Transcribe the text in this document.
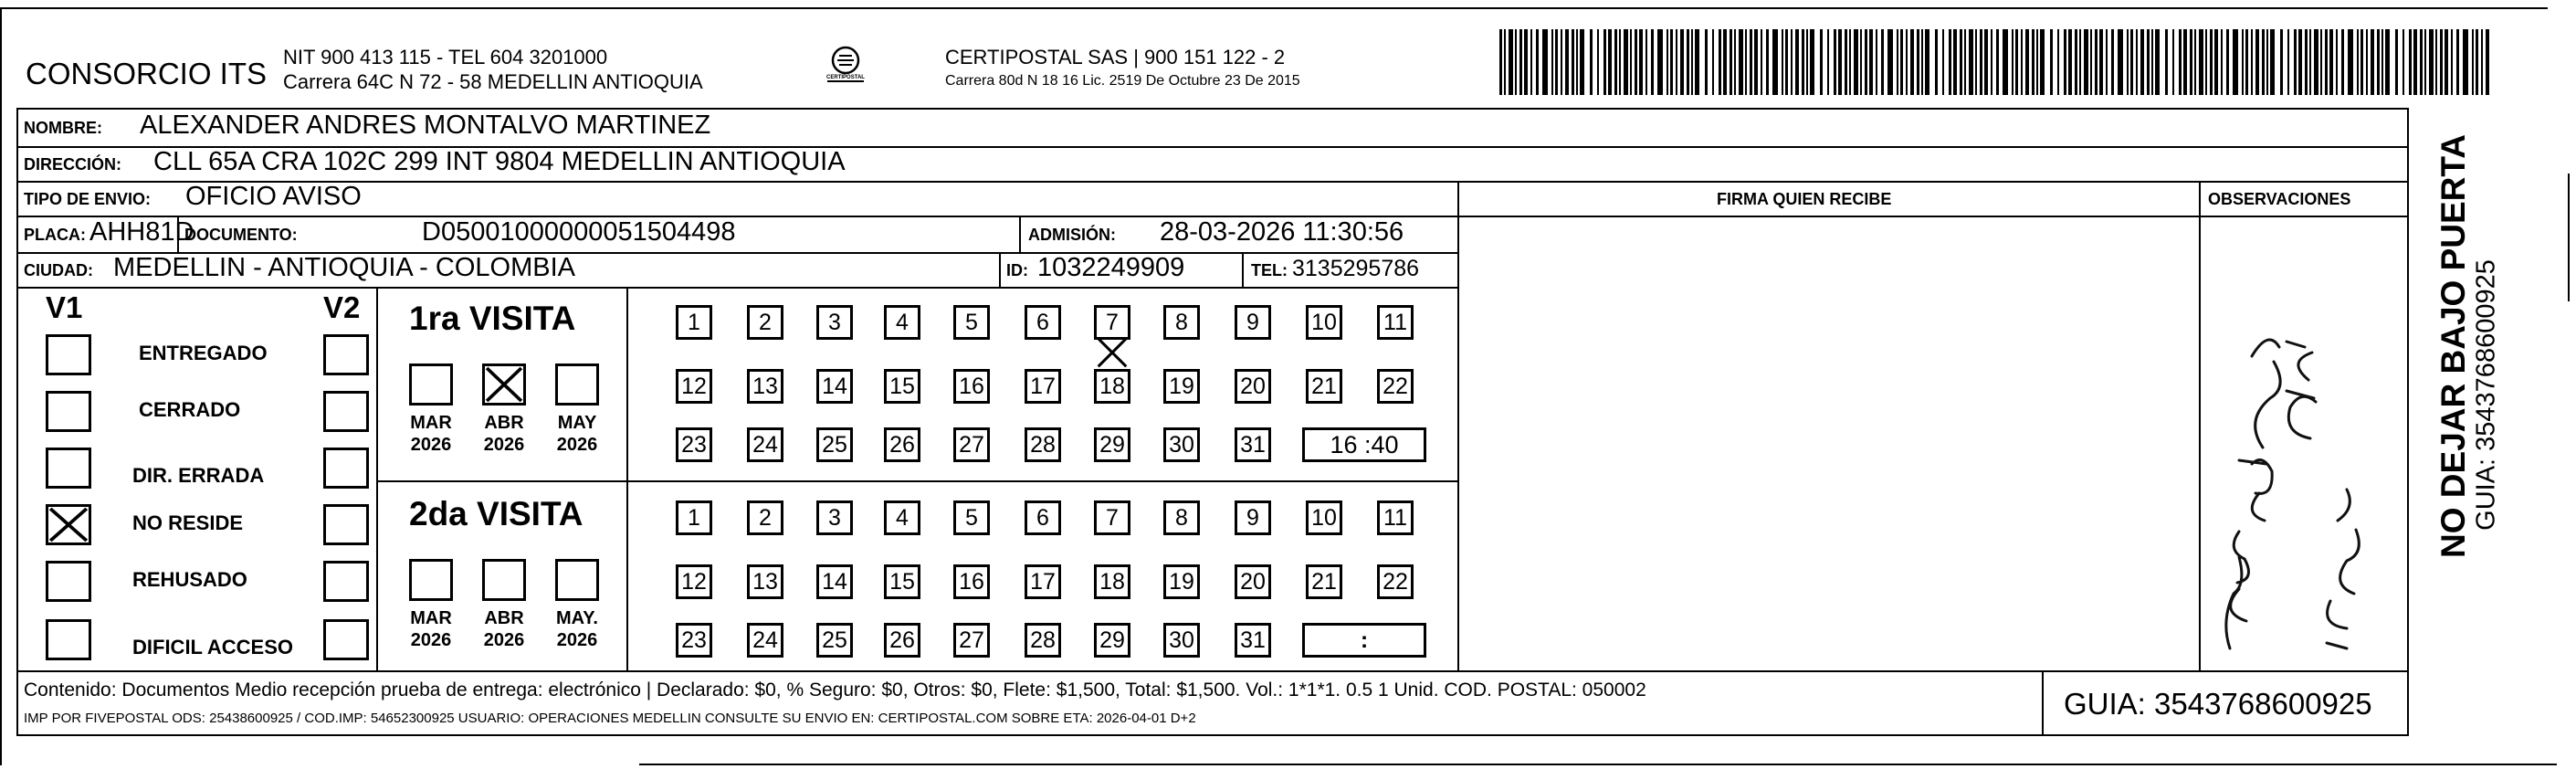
CONSORCIO ITS NIT 900 413 115 - TEL 604 3201000
Carrera 64C N 72 - 58 MEDELLIN ANTIOQUIA	CERTIPOSTAL
CERTIPOSTAL SAS | 900 151 122 - 2
Carrera 80d N 18 16 Lic. 2519 De Octubre 23 De 2015
NOMBRE: ALEXANDER ANDRES MONTALVO MARTINEZ
DIRECCIÓN: CLL 65A CRA 102C 299 INT 9804 MEDELLIN ANTIOQUIA
TIPO DE ENVIO: OFICIO AVISO	FIRMA QUIEN RECIBE	OBSERVACIONES
PLACA: AHH81D
DOCUMENTO:	D05001000000051504498	ADMISIÓN: 28-03-2026 11:30:56
CIUDAD: MEDELLIN - ANTIOQUIA - COLOMBIA	ID: 1032249909	TEL: 3135295786
V1	V2
ENTREGADO
CERRADO
DIR. ERRADA
NO RESIDE
REHUSADO
DIFICIL ACCESO
1ra VISITA
MAR
2026
ABR
2026
MAY
2026
1	2	3	4	5	6	7	8	9	10 11
12 13 14 15 16 17 18 19 20 21 22
23 24 25 26 27 28 29 30 31	16 :40
2da VISITA
MAR
2026
ABR
2026
MAY.
2026
1	2	3	4	5	6	7	8	9	10 11
12 13 14 15 16 17 18 19 20 21 22
23 24 25 26 27 28 29 30 31	:
Contenido: Documentos Medio recepción prueba de entrega: electrónico | Declarado: $0, % Seguro: $0, Otros: $0, Flete: $1,500, Total: $1,500. Vol.: 1*1*1. 0.5 1 Unid. COD. POSTAL: 050002
IMP POR FIVEPOSTAL ODS: 25438600925 / COD.IMP: 54652300925 USUARIO: OPERACIONES MEDELLIN CONSULTE SU ENVIO EN: CERTIPOSTAL.COM SOBRE ETA: 2026-04-01 D+2	GUIA: 3543768600925
NO DEJAR BAJO PUERTA GUIA: 3543768600925
